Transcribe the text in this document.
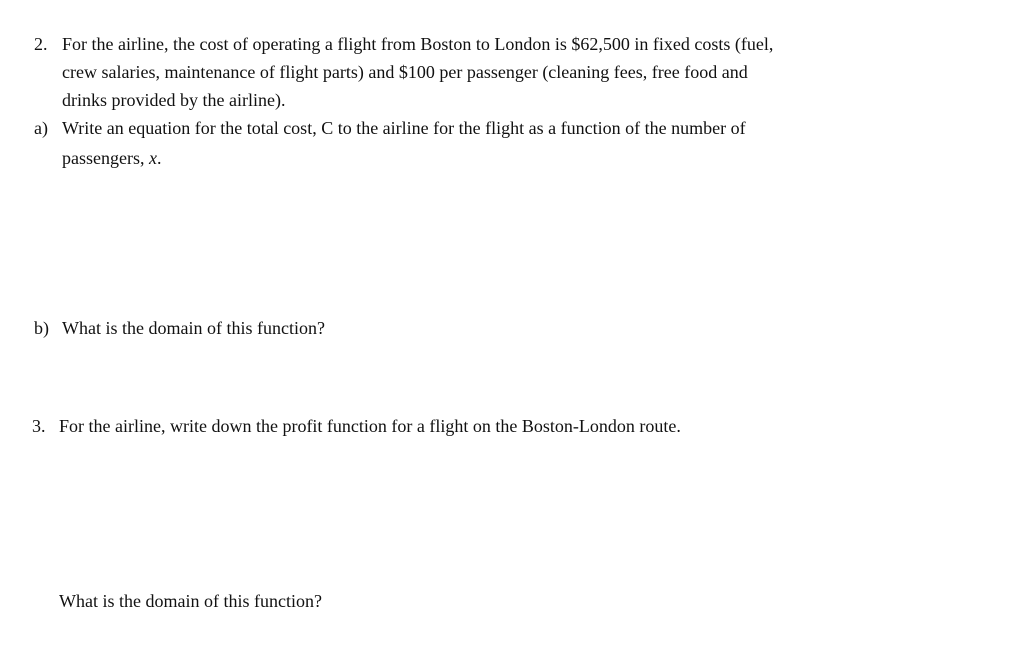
2. For the airline, the cost of operating a flight from Boston to London is $62,500 in fixed costs (fuel,
crew salaries, maintenance of flight parts) and $100 per passenger (cleaning fees, free food and
drinks provided by the airline).
a) Write an equation for the total cost, C to the airline for the flight as a function of the number of
passengers, x.
b) What is the domain of this function?
3. For the airline, write down the profit function for a flight on the Boston-London route.
What is the domain of this function?
